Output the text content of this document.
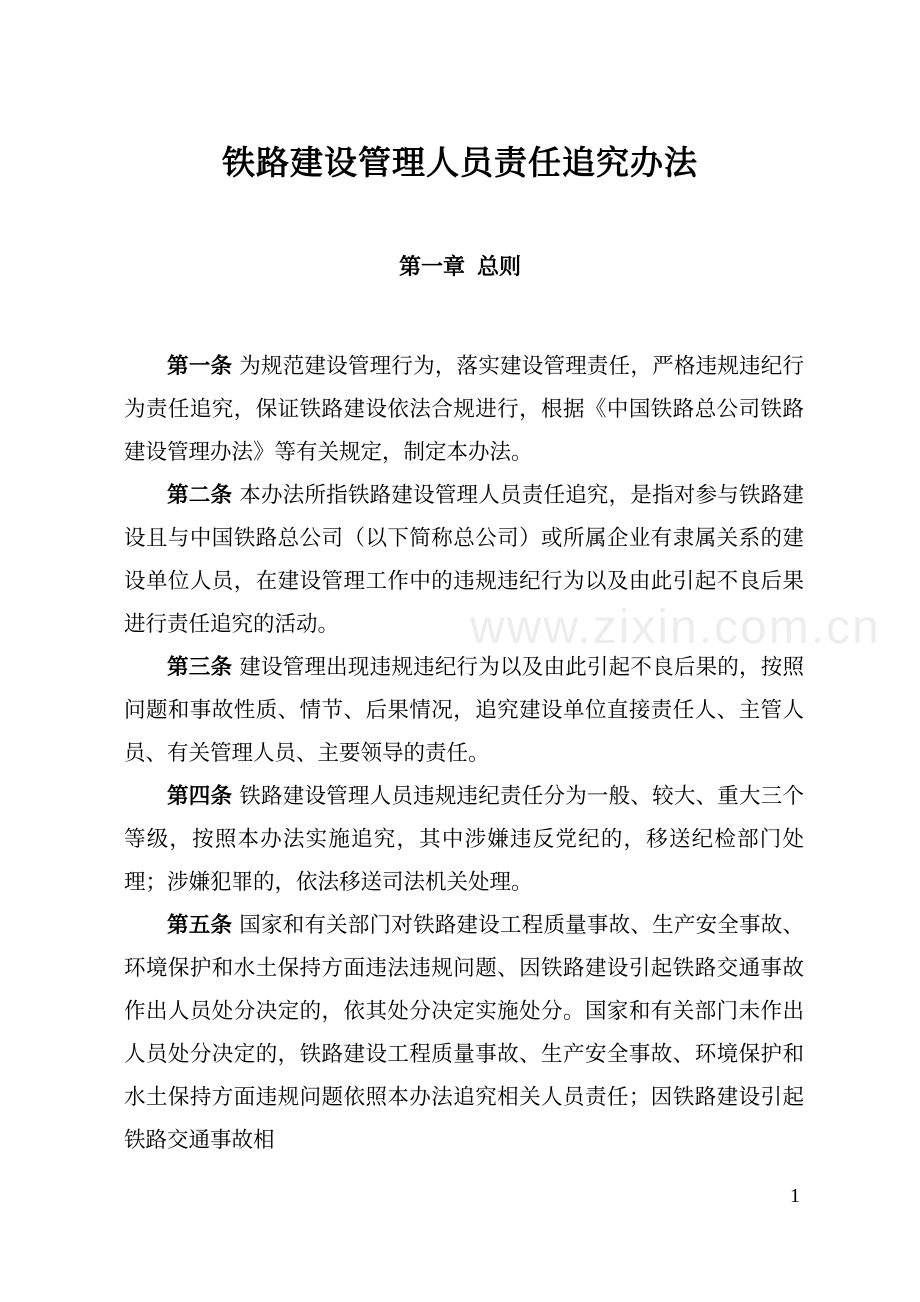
铁路建设管理人员责任追究办法
第一章 总则

第一条 为规范建设管理行为，落实建设管理责任，严格违规违纪行为责任追究，保证铁路建设依法合规进行，根据《中国铁路总公司铁路建设管理办法》等有关规定，制定本办法。

第二条 本办法所指铁路建设管理人员责任追究，是指对参与铁路建设且与中国铁路总公司（以下简称总公司）或所属企业有隶属关系的建设单位人员，在建设管理工作中的违规违纪行为以及由此引起不良后果进行责任追究的活动。

第三条 建设管理出现违规违纪行为以及由此引起不良后果的，按照问题和事故性质、情节、后果情况，追究建设单位直接责任人、主管人员、有关管理人员、主要领导的责任。

第四条 铁路建设管理人员违规违纪责任分为一般、较大、重大三个等级，按照本办法实施追究，其中涉嫌违反党纪的，移送纪检部门处理；涉嫌犯罪的，依法移送司法机关处理。

第五条 国家和有关部门对铁路建设工程质量事故、生产安全事故、环境保护和水土保持方面违法违规问题、因铁路建设引起铁路交通事故作出人员处分决定的，依其处分决定实施处分。国家和有关部门未作出人员处分决定的，铁路建设工程质量事故、生产安全事故、环境保护和水土保持方面违规问题依照本办法追究相关人员责任；因铁路建设引起铁路交通事故相

www.zixin.com.cn
1
